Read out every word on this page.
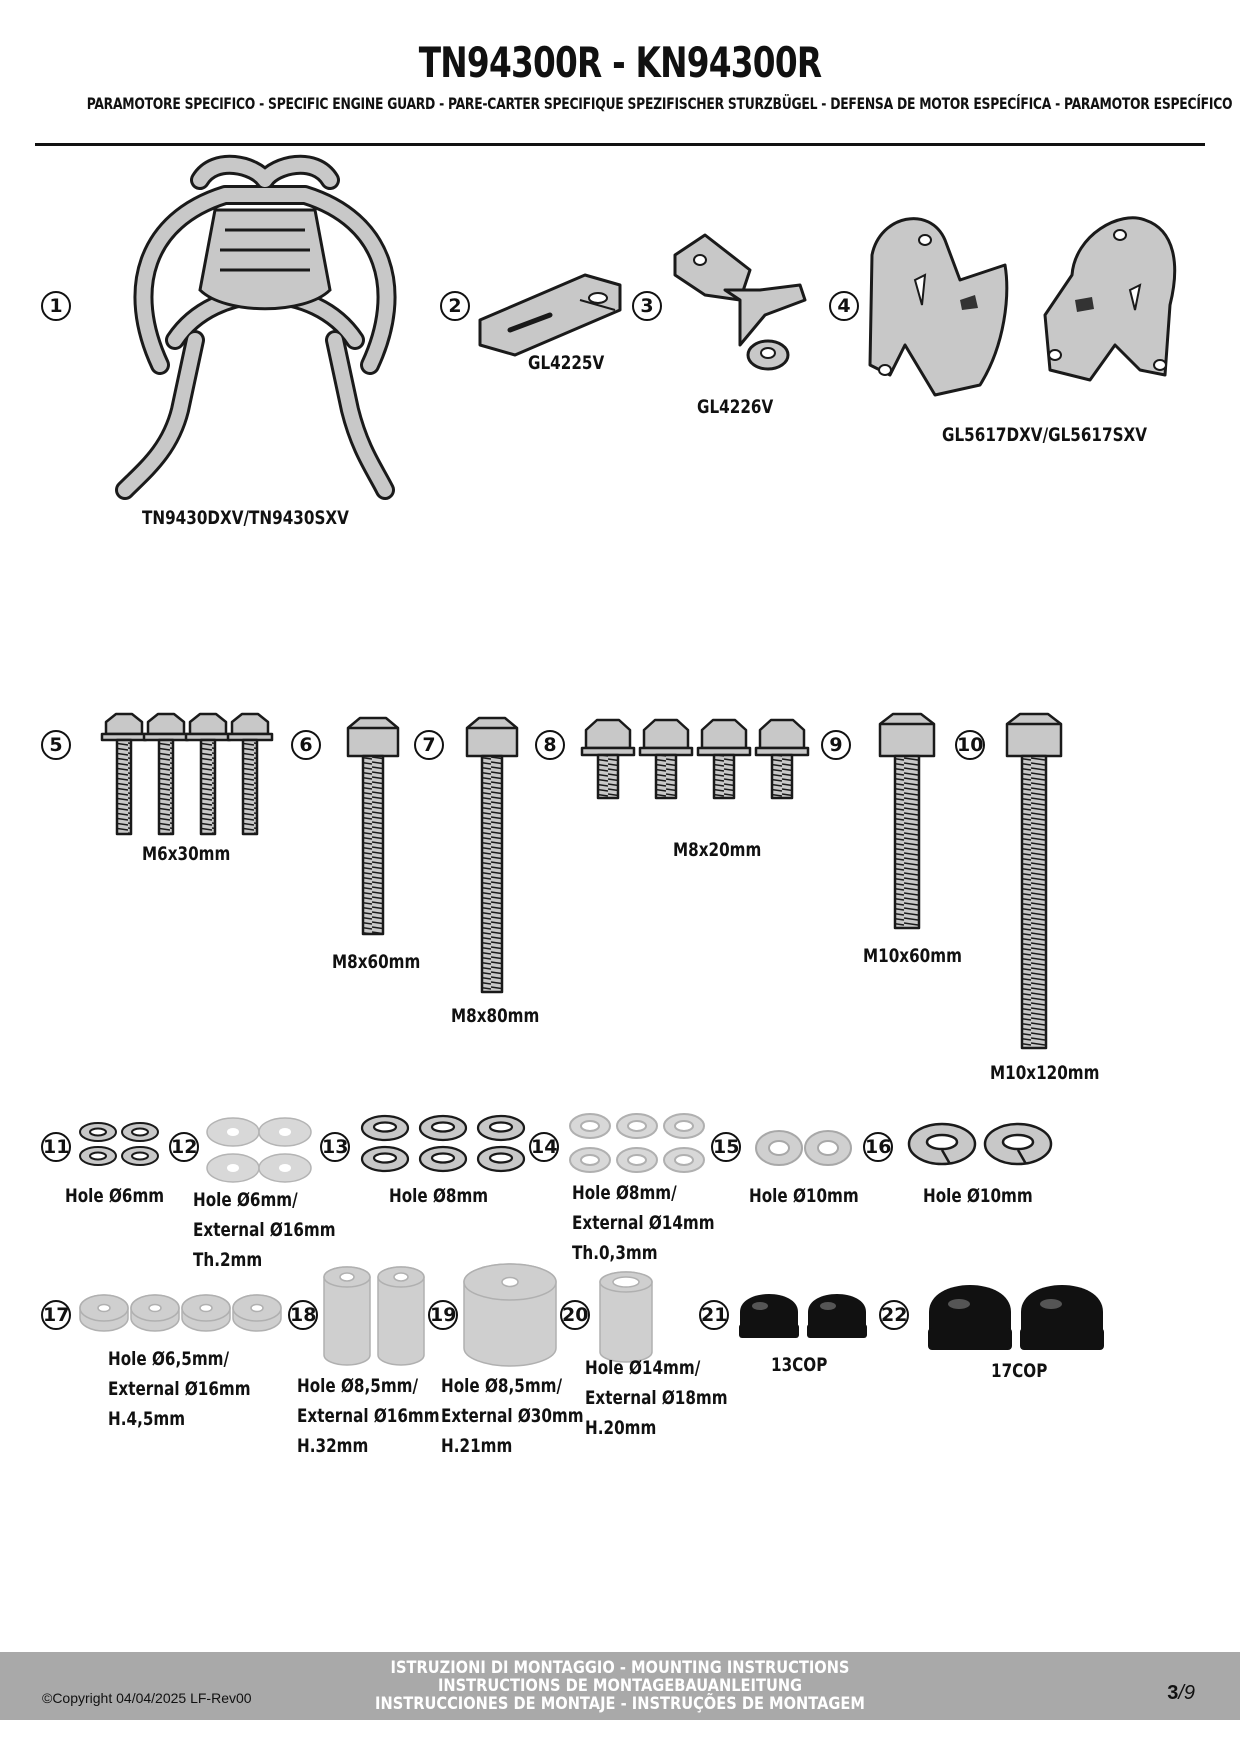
TN94300R - KN94300R
PARAMOTORE SPECIFICO - SPECIFIC ENGINE GUARD - PARE-CARTER SPECIFIQUE SPEZIFISCHER STURZBÜGEL - DEFENSA DE MOTOR ESPECÍFICA - PARAMOTOR ESPECÍFICO
1
TN9430DXV/TN9430SXV
2
GL4225V
3
GL4226V
4
GL5617DXV/GL5617SXV
5
M6x30mm
6
M8x60mm
7
M8x80mm
8
M8x20mm
9
M10x60mm
10
M10x120mm
11
Hole Ø6mm
12
Hole Ø6mm/
External Ø16mm
Th.2mm
13
Hole Ø8mm
14
Hole Ø8mm/
External Ø14mm
Th.0,3mm
15
Hole Ø10mm
16
Hole Ø10mm
17
Hole Ø6,5mm/
External Ø16mm
H.4,5mm
18
Hole Ø8,5mm/
External Ø16mm
H.32mm
19
Hole Ø8,5mm/
External Ø30mm
H.21mm
20
Hole Ø14mm/
External Ø18mm
H.20mm
21
13COP
22
17COP
ISTRUZIONI DI MONTAGGIO - MOUNTING INSTRUCTIONS
INSTRUCTIONS DE MONTAGEBAUANLEITUNG
INSTRUCCIONES DE MONTAJE - INSTRUÇÕES DE MONTAGEM
©Copyright 04/04/2025 LF-Rev00	3/9
